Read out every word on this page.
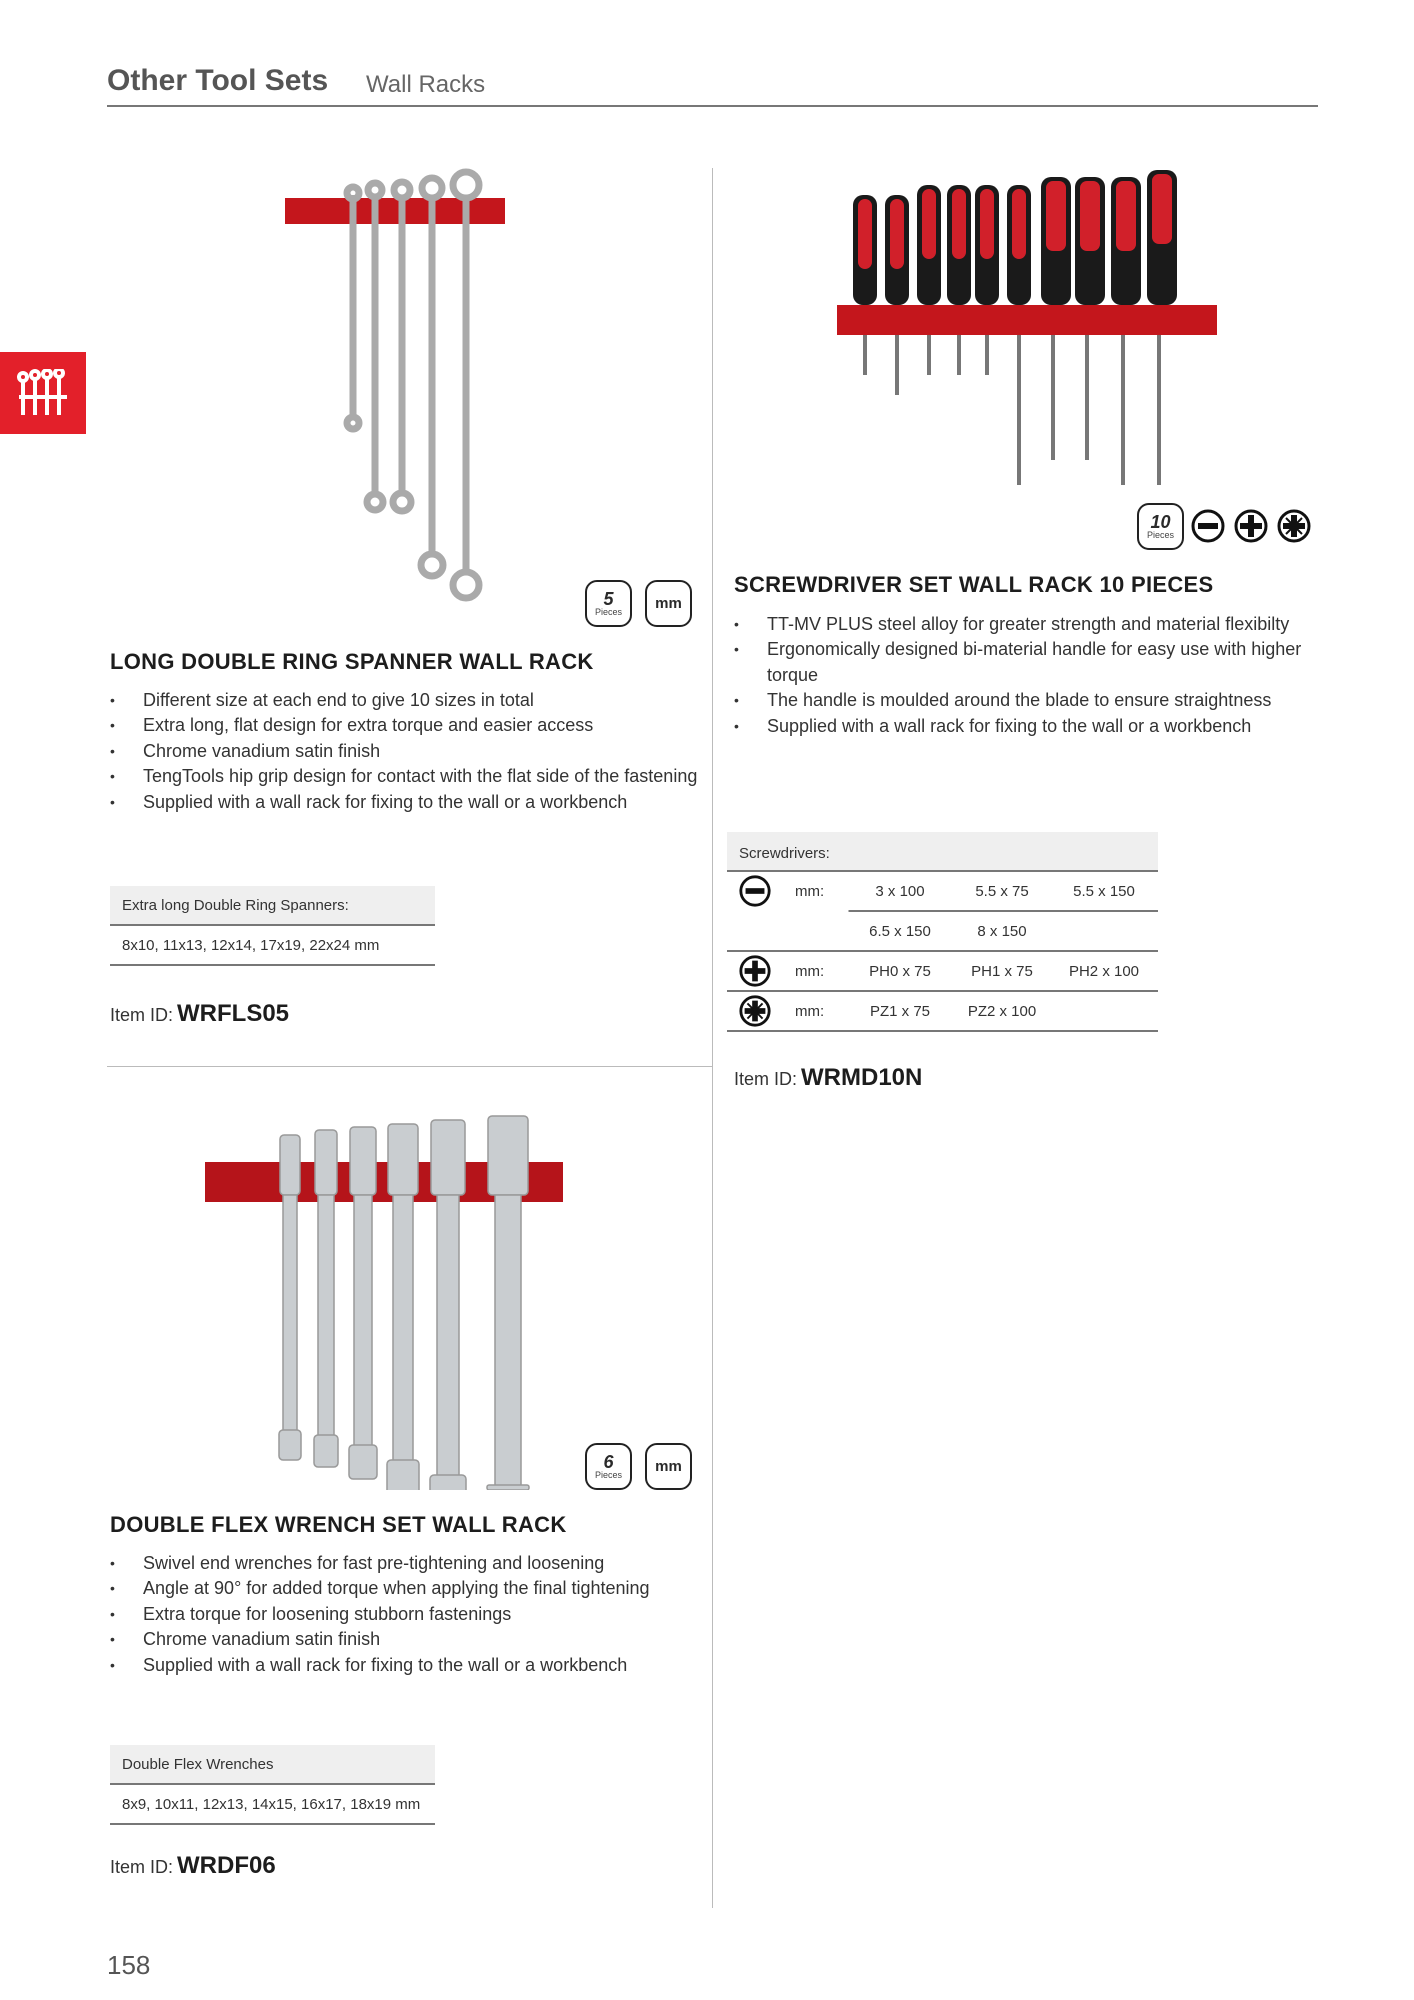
Other Tool Sets Wall Racks
5
Pieces mm
LONG DOUBLE RING SPANNER WALL RACK
• Different size at each end to give 10 sizes in total
• Extra long, flat design for extra torque and easier access
• Chrome vanadium satin finish
• TengTools hip grip design for contact with the flat side of the fastening
• Supplied with a wall rack for fixing to the wall or a workbench
Extra long Double Ring Spanners:
8x10, 11x13, 12x14, 17x19, 22x24 mm
Item ID: WRFLS05
6
Pieces mm
DOUBLE FLEX WRENCH SET WALL RACK
• Swivel end wrenches for fast pre-tightening and loosening
• Angle at 90° for added torque when applying the final tightening
• Extra torque for loosening stubborn fastenings
• Chrome vanadium satin finish
• Supplied with a wall rack for fixing to the wall or a workbench
Double Flex Wrenches
8x9, 10x11, 12x13, 14x15, 16x17, 18x19 mm
Item ID: WRDF06
10
Pieces
SCREWDRIVER SET WALL RACK 10 PIECES
• TT-MV PLUS steel alloy for greater strength and material flexibilty
• Ergonomically designed bi-material handle for easy use with higher torque
• The handle is moulded around the blade to ensure straightness
• Supplied with a wall rack for fixing to the wall or a workbench
Screwdrivers:
mm:	3 x 100	5.5 x 75	5.5 x 150
6.5 x 150	8 x 150
mm:	PH0 x 75	PH1 x 75	PH2 x 100
mm:	PZ1 x 75	PZ2 x 100
Item ID: WRMD10N
158
